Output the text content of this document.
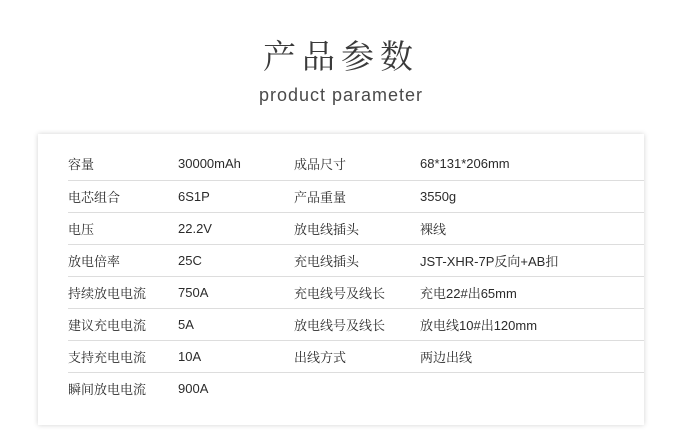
产品参数
product parameter
	容量	30000mAh	成品尺寸	68*131*206mm
	电芯组合	6S1P	产品重量	3550g
	电压	22.2V	放电线插头	裸线
	放电倍率	25C	充电线插头	JST-XHR-7P反向+AB扣
	持续放电电流	750A	充电线号及线长	充电22#出65mm
	建议充电电流	5A	放电线号及线长	放电线10#出120mm
	支持充电电流	10A	出线方式	两边出线
	瞬间放电电流	900A		
